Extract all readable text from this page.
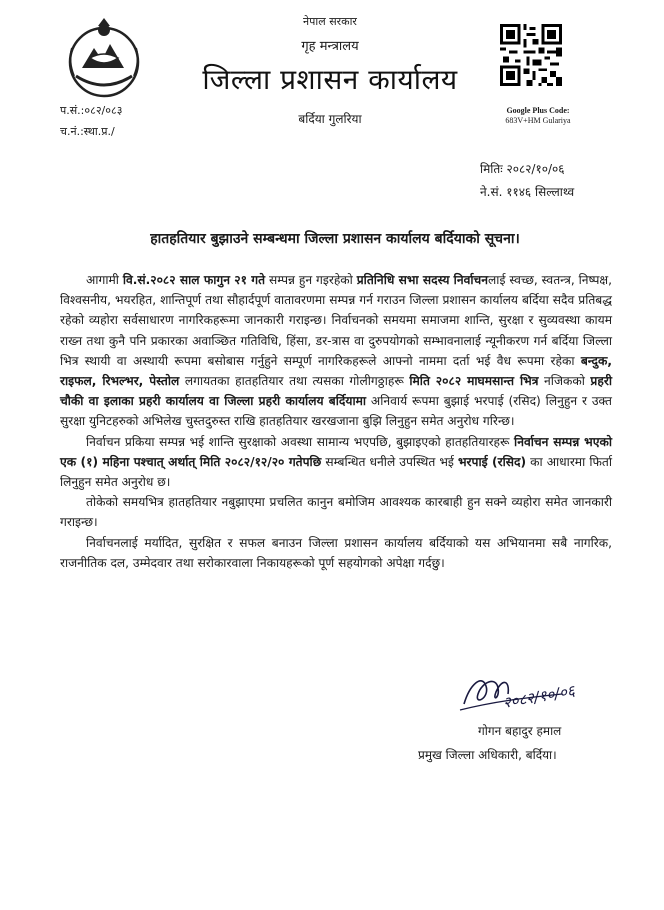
नेपाल सरकार
गृह मन्त्रालय
जिल्ला प्रशासन कार्यालय
बर्दिया गुलरिया
Google Plus Code:
683V+HM Gulariya
प.सं.:०८२/०८३
च.नं.:स्था.प्र./
मितिः २०८२/१०/०६
ने.सं. ११४६ सिल्लाथ्व
हातहतियार बुझाउने सम्बन्धमा जिल्ला प्रशासन कार्यालय बर्दियाको सूचना।

आगामी वि.सं.२०८२ साल फागुन २१ गते सम्पन्न हुन गइरहेको प्रतिनिधि सभा सदस्य निर्वाचनलाई स्वच्छ, स्वतन्त्र, निष्पक्ष, विश्वसनीय, भयरहित, शान्तिपूर्ण तथा सौहार्दपूर्ण वातावरणमा सम्पन्न गर्न गराउन जिल्ला प्रशासन कार्यालय बर्दिया सदैव प्रतिबद्ध रहेको व्यहोरा सर्वसाधारण नागरिकहरूमा जानकारी गराइन्छ। निर्वाचनको समयमा समाजमा शान्ति, सुरक्षा र सुव्यवस्था कायम राख्न तथा कुनै पनि प्रकारका अवाञ्छित गतिविधि, हिंसा, डर-त्रास वा दुरुपयोगको सम्भावनालाई न्यूनीकरण गर्न बर्दिया जिल्ला भित्र स्थायी वा अस्थायी रूपमा बसोबास गर्नुहुने सम्पूर्ण नागरिकहरूले आफ्नो नाममा दर्ता भई वैध रूपमा रहेका बन्दुक, राइफल, रिभल्भर, पेस्तोल लगायतका हातहतियार तथा त्यसका गोलीगठ्ठाहरू मिति २०८२ माघमसान्त भित्र नजिकको प्रहरी चौकी वा इलाका प्रहरी कार्यालय वा जिल्ला प्रहरी कार्यालय बर्दियामा अनिवार्य रूपमा बुझाई भरपाई (रसिद) लिनुहुन र उक्त सुरक्षा युनिटहरुको अभिलेख चुस्तदुरुस्त राखि हातहतियार खरखजाना बुझि लिनुहुन समेत अनुरोध गरिन्छ।

निर्वाचन प्रकिया सम्पन्न भई शान्ति सुरक्षाको अवस्था सामान्य भएपछि, बुझाइएको हातहतियारहरू निर्वाचन सम्पन्न भएको एक (१) महिना पश्चात् अर्थात् मिति २०८२/१२/२० गतेपछि सम्बन्धित धनीले उपस्थित भई भरपाई (रसिद) का आधारमा फिर्ता लिनुहुन समेत अनुरोध छ।

तोकेको समयभित्र हातहतियार नबुझाएमा प्रचलित कानुन बमोजिम आवश्यक कारबाही हुन सक्ने व्यहोरा समेत जानकारी गराइन्छ।

निर्वाचनलाई मर्यादित, सुरक्षित र सफल बनाउन जिल्ला प्रशासन कार्यालय बर्दियाको यस अभियानमा सबै नागरिक, राजनीतिक दल, उम्मेदवार तथा सरोकारवाला निकायहरूको पूर्ण सहयोगको अपेक्षा गर्दछु।

२०८२/१०/०६
गोगन बहादुर हमाल
प्रमुख जिल्ला अधिकारी, बर्दिया।
